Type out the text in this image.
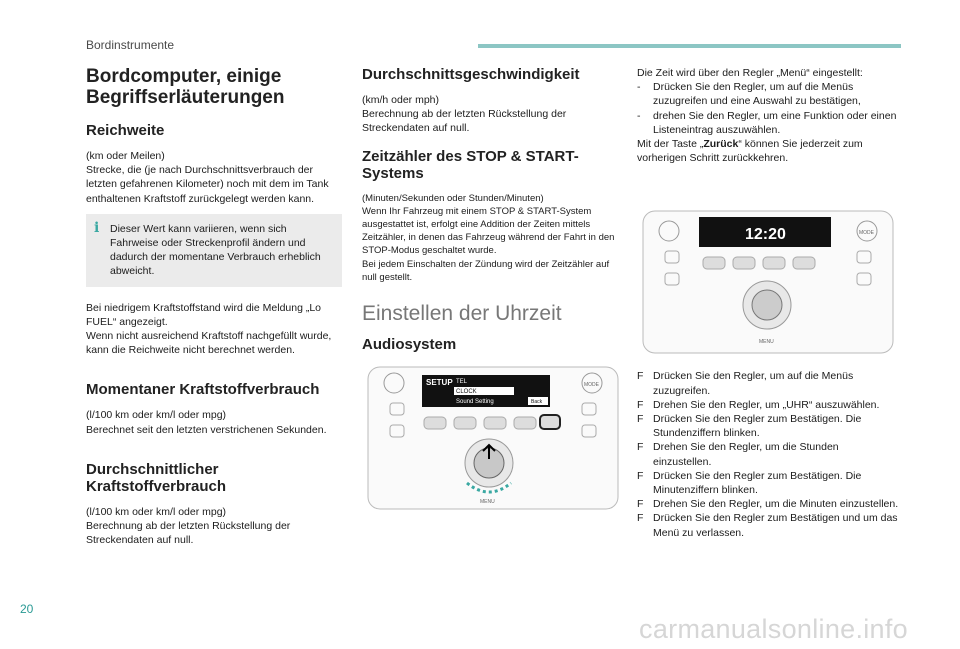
Bordinstrumente
Bordcomputer, einige Begriffserläuterungen
Reichweite

(km oder Meilen)

Strecke, die (je nach Durchschnittsverbrauch der letzten gefahrenen Kilometer) noch mit dem im Tank enthaltenen Kraftstoff zurückgelegt werden kann.

i Dieser Wert kann variieren, wenn sich Fahrweise oder Streckenprofil ändern und dadurch der momentane Verbrauch erheblich abweicht.

Bei niedrigem Kraftstoffstand wird die Meldung „Lo FUEL“ angezeigt.

Wenn nicht ausreichend Kraftstoff nachgefüllt wurde, kann die Reichweite nicht berechnet werden.

Momentaner Kraftstoffverbrauch

(l/100 km oder km/l oder mpg)

Berechnet seit den letzten verstrichenen Sekunden.

Durchschnittlicher Kraftstoffverbrauch

(l/100 km oder km/l oder mpg)

Berechnung ab der letzten Rückstellung der Streckendaten auf null.

Durchschnittsgeschwindigkeit

(km/h oder mph)

Berechnung ab der letzten Rückstellung der Streckendaten auf null.

Zeitzähler des STOP & START-Systems

(Minuten/Sekunden oder Stunden/Minuten)

Wenn Ihr Fahrzeug mit einem STOP & START-System ausgestattet ist, erfolgt eine Addition der Zeiten mittels Zeitzähler, in denen das Fahrzeug während der Fahrt in den STOP-Modus geschaltet wurde.

Bei jedem Einschalten der Zündung wird der Zeitzähler auf null gestellt.

Einstellen der Uhrzeit
Audiosystem
SETUP TEL
CLOCK
Sound Setting	Back
MODE
MENU

Die Zeit wird über den Regler „Menü“ eingestellt:

- Drücken Sie den Regler, um auf die Menüs zuzugreifen und eine Auswahl zu bestätigen,
- drehen Sie den Regler, um eine Funktion oder einen Listeneintrag auszuwählen.

Mit der Taste „Zurück“ können Sie jederzeit zum vorherigen Schritt zurückkehren.

12:20	MODE
MENU
F Drücken Sie den Regler, um auf die Menüs zuzugreifen.
F Drehen Sie den Regler, um „UHR“ auszuwählen.
F Drücken Sie den Regler zum Bestätigen. Die Stundenziffern blinken.
F Drehen Sie den Regler, um die Stunden einzustellen.
F Drücken Sie den Regler zum Bestätigen. Die Minutenziffern blinken.
F Drehen Sie den Regler, um die Minuten einzustellen.
F Drücken Sie den Regler zum Bestätigen und um das Menü zu verlassen.
20
carmanualsonline.info
